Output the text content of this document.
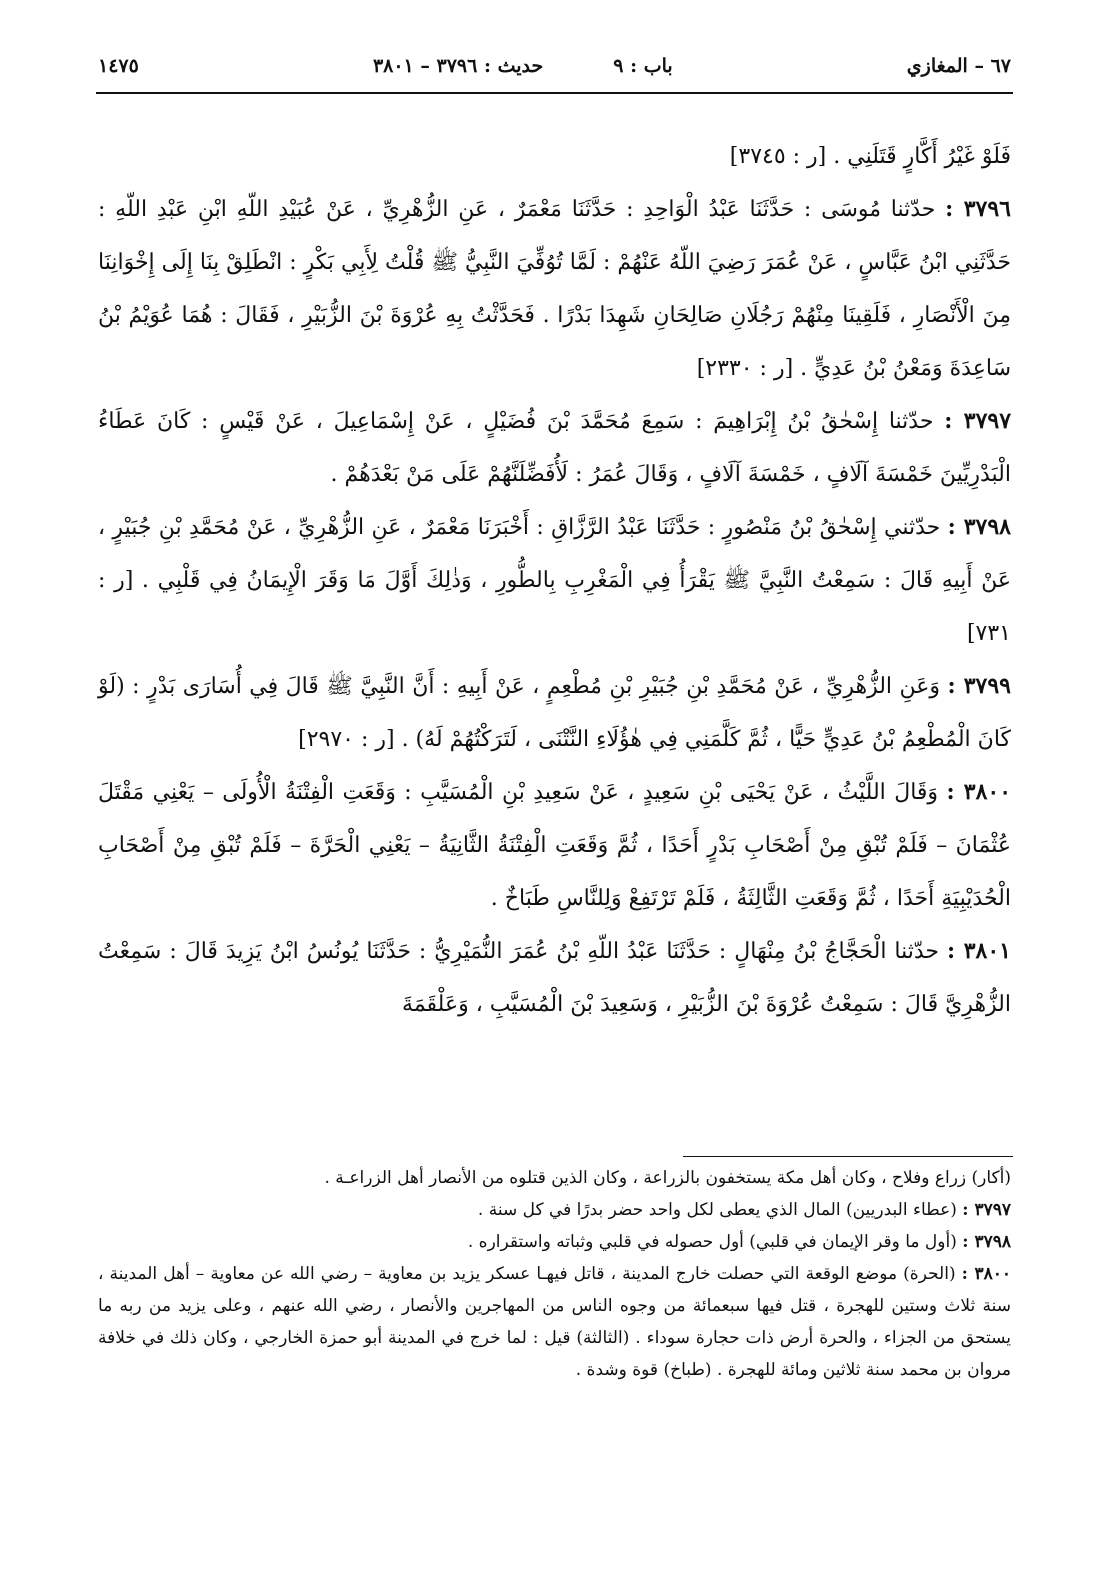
٦٧ – المغازي
باب : ٩
حديث : ٣٧٩٦ – ٣٨٠١
١٤٧٥

فَلَوْ غَيْرُ أَكَّارٍ قَتَلَنِي . [ر : ٣٧٤٥]

٣٧٩٦ : حدّثنا مُوسَى : حَدَّثَنَا عَبْدُ الْوَاحِدِ : حَدَّثَنَا مَعْمَرٌ ، عَنِ الزُّهْرِيِّ ، عَنْ عُبَيْدِ اللّهِ ابْنِ عَبْدِ اللّهِ : حَدَّثَنِي ابْنُ عَبَّاسٍ ، عَنْ عُمَرَ رَضِيَ اللّهُ عَنْهُمْ : لَمَّا تُوُفِّيَ النَّبِيُّ ﷺ قُلْتُ لِأَبِي بَكْرٍ : انْطَلِقْ بِنَا إِلَى إِخْوَانِنَا مِنَ الْأَنْصَارِ ، فَلَقِينَا مِنْهُمْ رَجُلَانِ صَالِحَانِ شَهِدَا بَدْرًا . فَحَدَّثْتُ بِهِ عُرْوَةَ بْنَ الزُّبَيْرِ ، فَقَالَ : هُمَا عُوَيْمُ بْنُ سَاعِدَةَ وَمَعْنُ بْنُ عَدِيٍّ . [ر : ٢٣٣٠]

٣٧٩٧ : حدّثنا إِسْحٰقُ بْنُ إِبْرَاهِيمَ : سَمِعَ مُحَمَّدَ بْنَ فُضَيْلٍ ، عَنْ إِسْمَاعِيلَ ، عَنْ قَيْسٍ : كَانَ عَطَاءُ الْبَدْرِيِّينَ خَمْسَةَ آلَافٍ ، خَمْسَةَ آلَافٍ ، وَقَالَ عُمَرُ : لَأُفَضِّلَنَّهُمْ عَلَى مَنْ بَعْدَهُمْ .

٣٧٩٨ : حدّثني إِسْحٰقُ بْنُ مَنْصُورٍ : حَدَّثَنَا عَبْدُ الرَّزَّاقِ : أَخْبَرَنَا مَعْمَرٌ ، عَنِ الزُّهْرِيِّ ، عَنْ مُحَمَّدِ بْنِ جُبَيْرٍ ، عَنْ أَبِيهِ قَالَ : سَمِعْتُ النَّبِيَّ ﷺ يَقْرَأُ فِي الْمَغْرِبِ بِالطُّورِ ، وَذٰلِكَ أَوَّلَ مَا وَقَرَ الْإِيمَانُ فِي قَلْبِي . [ر : ٧٣١]

٣٧٩٩ : وَعَنِ الزُّهْرِيِّ ، عَنْ مُحَمَّدِ بْنِ جُبَيْرِ بْنِ مُطْعِمٍ ، عَنْ أَبِيهِ : أَنَّ النَّبِيَّ ﷺ قَالَ فِي أُسَارَى بَدْرٍ : (لَوْ كَانَ الْمُطْعِمُ بْنُ عَدِيٍّ حَيًّا ، ثُمَّ كَلَّمَنِي فِي هٰؤُلَاءِ النَّتْنَى ، لَتَرَكْتُهُمْ لَهُ) . [ر : ٢٩٧٠]

٣٨٠٠ : وَقَالَ اللَّيْثُ ، عَنْ يَحْيَى بْنِ سَعِيدٍ ، عَنْ سَعِيدِ بْنِ الْمُسَيَّبِ : وَقَعَتِ الْفِتْنَةُ الْأُولَى – يَعْنِي مَقْتَلَ عُثْمَانَ – فَلَمْ تُبْقِ مِنْ أَصْحَابِ بَدْرٍ أَحَدًا ، ثُمَّ وَقَعَتِ الْفِتْنَةُ الثَّانِيَةُ – يَعْنِي الْحَرَّةَ – فَلَمْ تُبْقِ مِنْ أَصْحَابِ الْحُدَيْبِيَةِ أَحَدًا ، ثُمَّ وَقَعَتِ الثَّالِثَةُ ، فَلَمْ تَرْتَفِعْ وَلِلنَّاسِ طَبَاخٌ .

٣٨٠١ : حدّثنا الْحَجَّاجُ بْنُ مِنْهَالٍ : حَدَّثَنَا عَبْدُ اللّهِ بْنُ عُمَرَ النُّمَيْرِيُّ : حَدَّثَنَا يُونُسُ ابْنُ يَزِيدَ قَالَ : سَمِعْتُ الزُّهْرِيَّ قَالَ : سَمِعْتُ عُرْوَةَ بْنَ الزُّبَيْرِ ، وَسَعِيدَ بْنَ الْمُسَيَّبِ ، وَعَلْقَمَةَ

(أكار) زراع وفلاح ، وكان أهل مكة يستخفون بالزراعة ، وكان الذين قتلوه من الأنصار أهل الزراعـة .

٣٧٩٧ : (عطاء البدريين) المال الذي يعطى لكل واحد حضر بدرًا في كل سنة .

٣٧٩٨ : (أول ما وقر الإيمان في قلبي) أول حصوله في قلبي وثباته واستقراره .

٣٨٠٠ : (الحرة) موضع الوقعة التي حصلت خارج المدينة ، قاتل فيهـا عسكر يزيد بن معاوية – رضي الله عن معاوية – أهل المدينة ، سنة ثلاث وستين للهجرة ، قتل فيها سبعمائة من وجوه الناس من المهاجرين والأنصار ، رضي الله عنهم ، وعلى يزيد من ربه ما يستحق من الجزاء ، والحرة أرض ذات حجارة سوداء . (الثالثة) قيل : لما خرج في المدينة أبو حمزة الخارجي ، وكان ذلك في خلافة مروان بن محمد سنة ثلاثين ومائة للهجرة . (طباخ) قوة وشدة .
